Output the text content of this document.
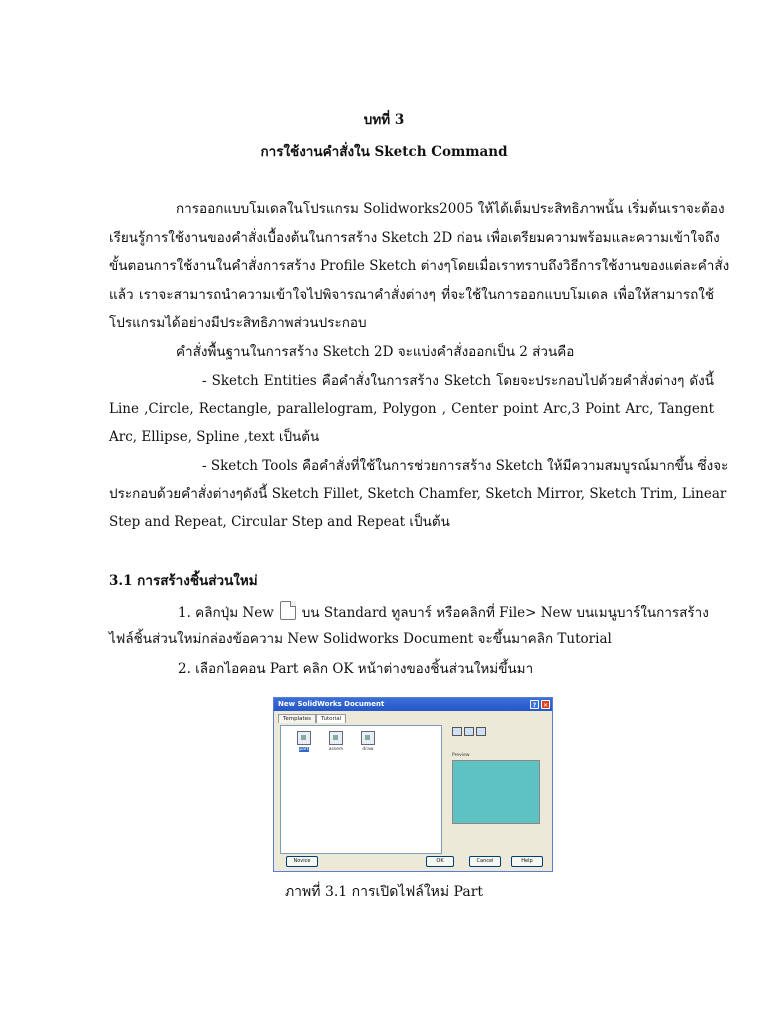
บทที่ 3
การใช้งานคำสั่งใน Sketch Command
การออกแบบโมเดลในโปรแกรม Solidworks2005 ให้ได้เต็มประสิทธิภาพนั้น เริ่มต้นเราจะต้อง
เรียนรู้การใช้งานของคำสั่งเบื้องต้นในการสร้าง Sketch 2D ก่อน เพื่อเตรียมความพร้อมและความเข้าใจถึง
ขั้นตอนการใช้งานในคำสั่งการสร้าง Profile Sketch ต่างๆโดยเมื่อเราทราบถึงวิธีการใช้งานของแต่ละคำสั่ง
แล้ว เราจะสามารถนำความเข้าใจไปพิจารณาคำสั่งต่างๆ ที่จะใช้ในการออกแบบโมเดล เพื่อให้สามารถใช้
โปรแกรมได้อย่างมีประสิทธิภาพส่วนประกอบ
คำสั่งพื้นฐานในการสร้าง Sketch 2D จะแบ่งคำสั่งออกเป็น 2 ส่วนคือ
- Sketch Entities คือคำสั่งในการสร้าง Sketch โดยจะประกอบไปด้วยคำสั่งต่างๆ ดังนี้
Line ,Circle, Rectangle, parallelogram, Polygon , Center point Arc,3 Point Arc, Tangent
Arc, Ellipse, Spline ,text เป็นต้น
- Sketch Tools คือคำสั่งที่ใช้ในการช่วยการสร้าง Sketch ให้มีความสมบูรณ์มากขึ้น ซึ่งจะ
ประกอบด้วยคำสั่งต่างๆดังนี้ Sketch Fillet, Sketch Chamfer, Sketch Mirror, Sketch Trim, Linear
Step and Repeat, Circular Step and Repeat เป็นต้น
3.1 การสร้างชิ้นส่วนใหม่
1. คลิกปุ่ม New บน Standard ทูลบาร์ หรือคลิกที่ File> New บนเมนูบาร์ในการสร้าง
ไฟล์ชิ้นส่วนใหม่กล่องข้อความ New Solidworks Document จะขึ้นมาคลิก Tutorial
2. เลือกไอคอน Part คลิก OK หน้าต่างของชิ้นส่วนใหม่ขึ้นมา
New SolidWorks Document	?	✕
Templates	Tutorial
part	assem	draw
Preview
Novice	OK	Cancel	Help
ภาพที่ 3.1 การเปิดไฟล์ใหม่ Part
